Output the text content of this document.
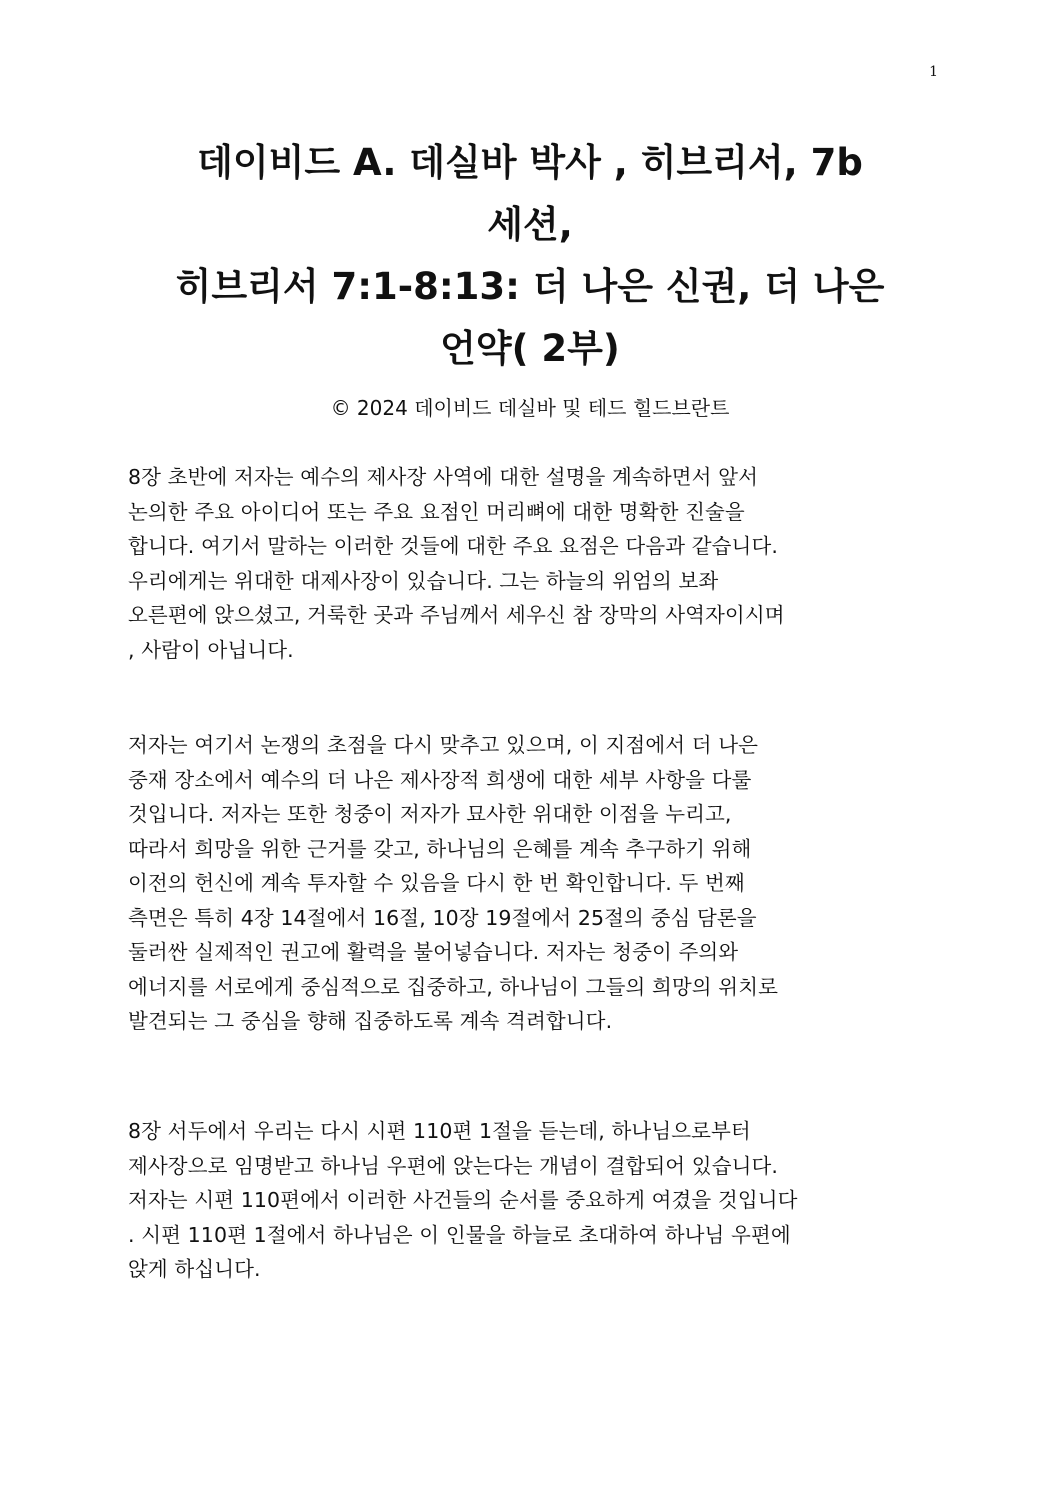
1
데이비드 A. 데실바 박사 , 히브리서, 7b
세션,
히브리서 7:1-8:13: 더 나은 신권, 더 나은
언약( 2부)
© 2024 데이비드 데실바 및 테드 힐드브란트
8장 초반에 저자는 예수의 제사장 사역에 대한 설명을 계속하면서 앞서
논의한 주요 아이디어 또는 주요 요점인 머리뼈에 대한 명확한 진술을
합니다. 여기서 말하는 이러한 것들에 대한 주요 요점은 다음과 같습니다.
우리에게는 위대한 대제사장이 있습니다. 그는 하늘의 위엄의 보좌
오른편에 앉으셨고, 거룩한 곳과 주님께서 세우신 참 장막의 사역자이시며
, 사람이 아닙니다.
저자는 여기서 논쟁의 초점을 다시 맞추고 있으며, 이 지점에서 더 나은
중재 장소에서 예수의 더 나은 제사장적 희생에 대한 세부 사항을 다룰
것입니다. 저자는 또한 청중이 저자가 묘사한 위대한 이점을 누리고,
따라서 희망을 위한 근거를 갖고, 하나님의 은혜를 계속 추구하기 위해
이전의 헌신에 계속 투자할 수 있음을 다시 한 번 확인합니다. 두 번째
측면은 특히 4장 14절에서 16절, 10장 19절에서 25절의 중심 담론을
둘러싼 실제적인 권고에 활력을 불어넣습니다. 저자는 청중이 주의와
에너지를 서로에게 중심적으로 집중하고, 하나님이 그들의 희망의 위치로
발견되는 그 중심을 향해 집중하도록 계속 격려합니다.
8장 서두에서 우리는 다시 시편 110편 1절을 듣는데, 하나님으로부터
제사장으로 임명받고 하나님 우편에 앉는다는 개념이 결합되어 있습니다.
저자는 시편 110편에서 이러한 사건들의 순서를 중요하게 여겼을 것입니다
. 시편 110편 1절에서 하나님은 이 인물을 하늘로 초대하여 하나님 우편에
앉게 하십니다.
